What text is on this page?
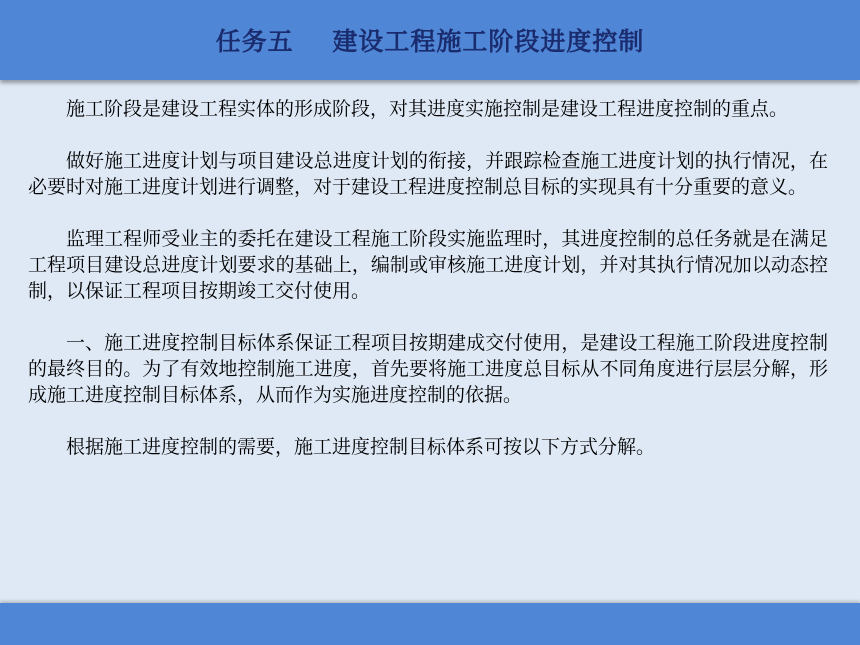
任务五    建设工程施工阶段进度控制

施工阶段是建设工程实体的形成阶段，对其进度实施控制是建设工程进度控制的重点。

做好施工进度计划与项目建设总进度计划的衔接，并跟踪检查施工进度计划的执行情况，在必要时对施工进度计划进行调整，对于建设工程进度控制总目标的实现具有十分重要的意义。

监理工程师受业主的委托在建设工程施工阶段实施监理时，其进度控制的总任务就是在满足工程项目建设总进度计划要求的基础上，编制或审核施工进度计划，并对其执行情况加以动态控制，以保证工程项目按期竣工交付使用。

一、施工进度控制目标体系保证工程项目按期建成交付使用，是建设工程施工阶段进度控制的最终目的。为了有效地控制施工进度，首先要将施工进度总目标从不同角度进行层层分解，形成施工进度控制目标体系，从而作为实施进度控制的依据。

根据施工进度控制的需要，施工进度控制目标体系可按以下方式分解。
